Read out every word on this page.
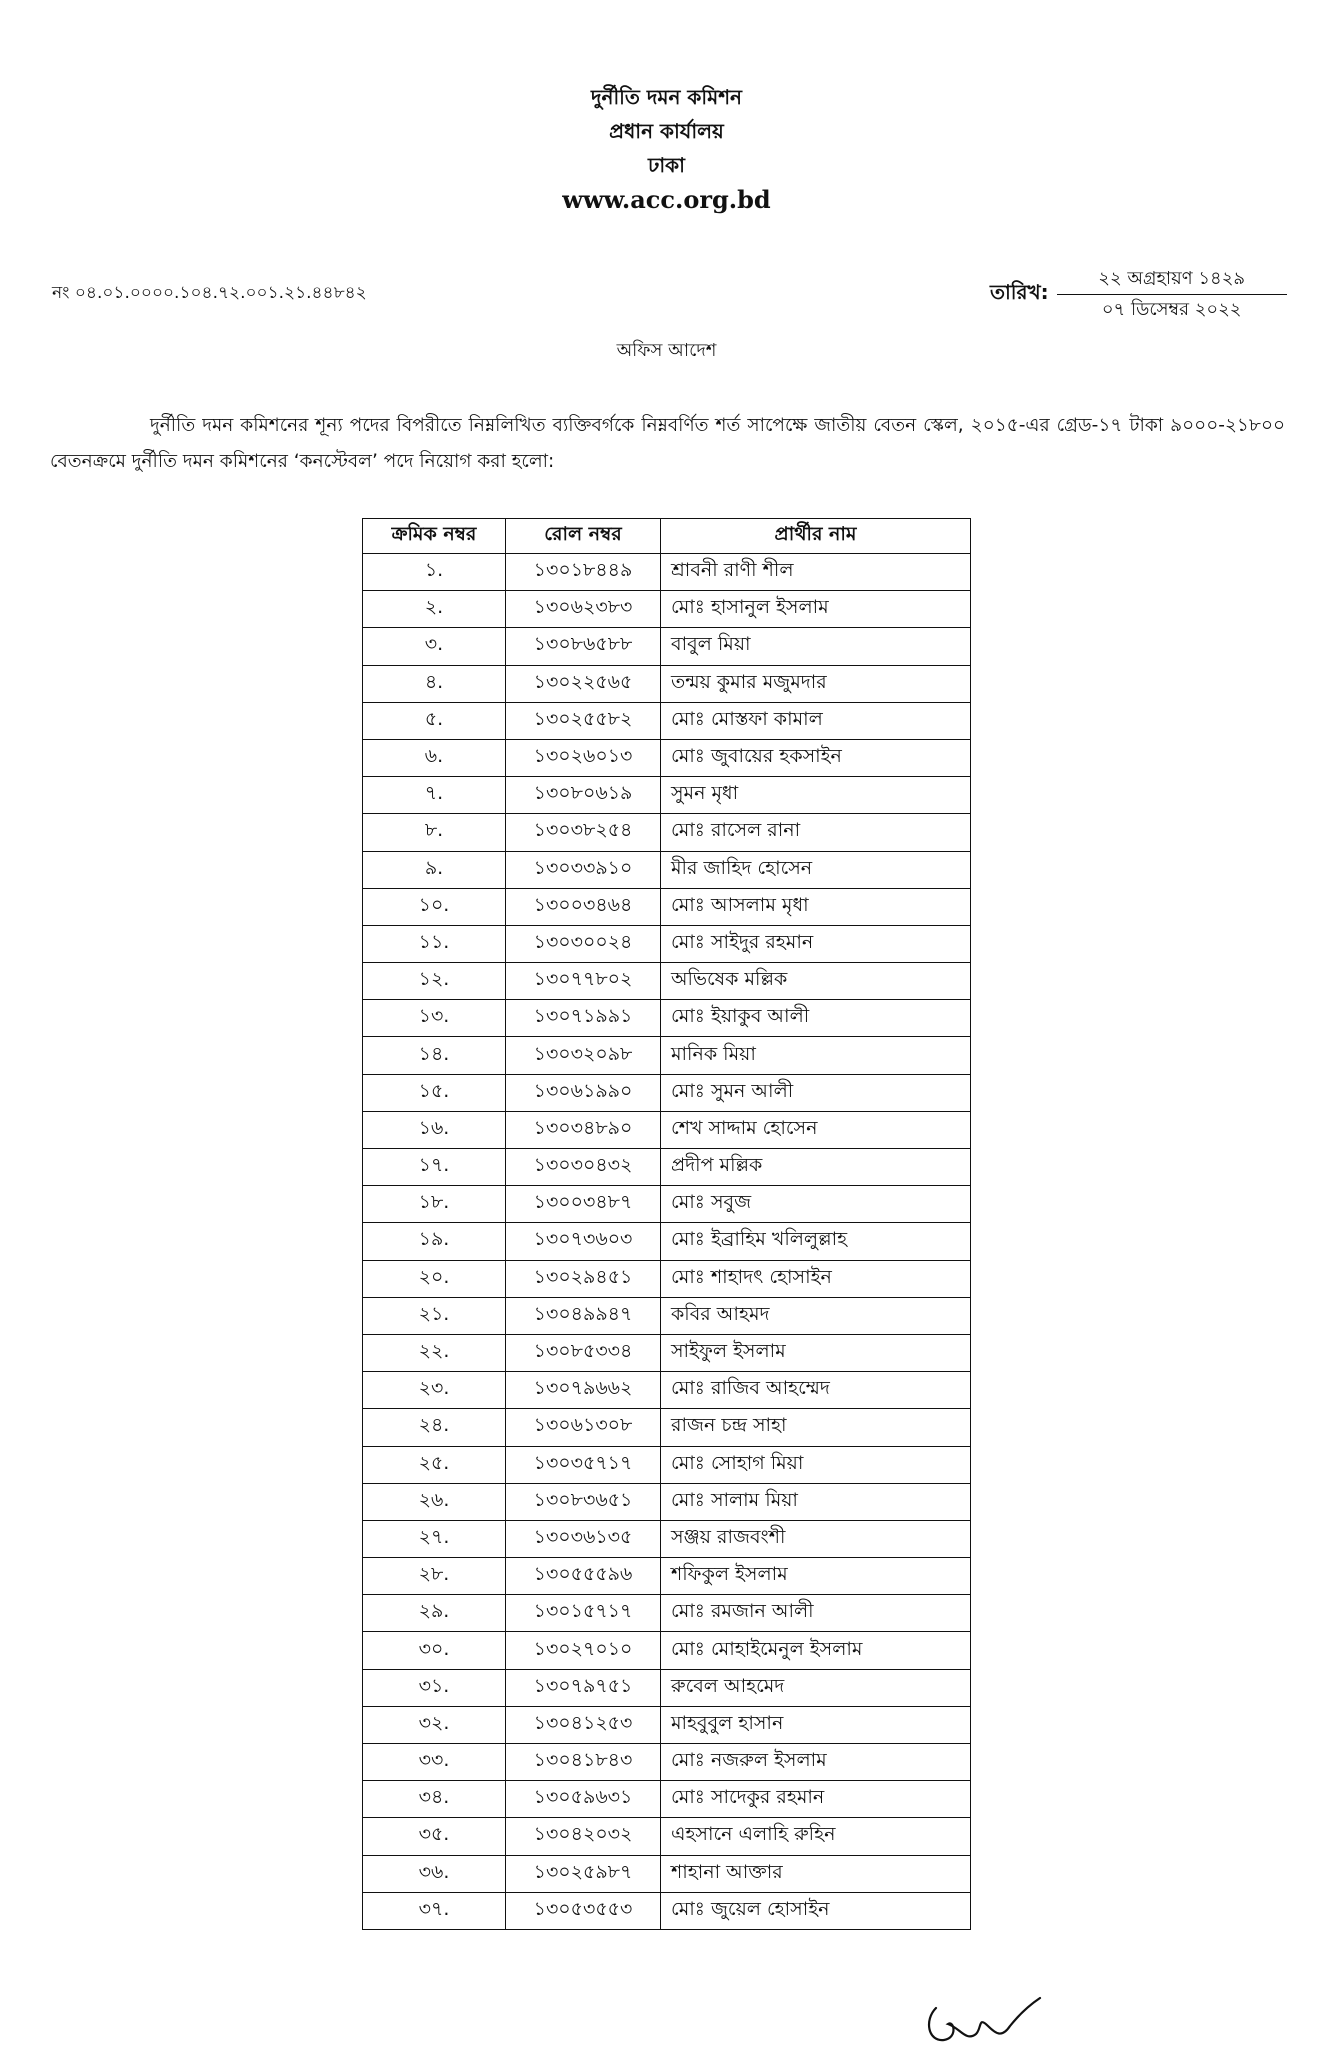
দুর্নীতি দমন কমিশন
প্রধান কার্যালয়
ঢাকা
www.acc.org.bd
নং ০৪.০১.০০০০.১০৪.৭২.০০১.২১.৪৪৮৪২	তারিখ:
২২ অগ্রহায়ণ ১৪২৯
০৭ ডিসেম্বর ২০২২
অফিস আদেশ
দুর্নীতি দমন কমিশনের শূন্য পদের বিপরীতে নিম্নলিখিত ব্যক্তিবর্গকে নিম্নবর্ণিত শর্ত সাপেক্ষে জাতীয় বেতন স্কেল, ২০১৫-এর গ্রেড-১৭ টাকা ৯০০০-২১৮০০ বেতনক্রমে দুর্নীতি দমন কমিশনের ‘কনস্টেবল’ পদে নিয়োগ করা হলো:
ক্রমিক নম্বর	রোল নম্বর	প্রার্থীর নাম
১.	১৩০১৮৪৪৯	শ্রাবনী রাণী শীল
২.	১৩০৬২৩৮৩	মোঃ হাসানুল ইসলাম
৩.	১৩০৮৬৫৮৮	বাবুল মিয়া
৪.	১৩০২২৫৬৫	তন্ময় কুমার মজুমদার
৫.	১৩০২৫৫৮২	মোঃ মোস্তফা কামাল
৬.	১৩০২৬০১৩	মোঃ জুবায়ের হকসাইন
৭.	১৩০৮০৬১৯	সুমন মৃধা
৮.	১৩০৩৮২৫৪	মোঃ রাসেল রানা
৯.	১৩০৩৩৯১০	মীর জাহিদ হোসেন
১০.	১৩০০৩৪৬৪	মোঃ আসলাম মৃধা
১১.	১৩০৩০০২৪	মোঃ সাইদুর রহমান
১২.	১৩০৭৭৮০২	অভিষেক মল্লিক
১৩.	১৩০৭১৯৯১	মোঃ ইয়াকুব আলী
১৪.	১৩০৩২০৯৮	মানিক মিয়া
১৫.	১৩০৬১৯৯০	মোঃ সুমন আলী
১৬.	১৩০৩৪৮৯০	শেখ সাদ্দাম হোসেন
১৭.	১৩০৩০৪৩২	প্রদীপ মল্লিক
১৮.	১৩০০৩৪৮৭	মোঃ সবুজ
১৯.	১৩০৭৩৬০৩	মোঃ ইব্রাহিম খলিলুল্লাহ
২০.	১৩০২৯৪৫১	মোঃ শাহাদৎ হোসাইন
২১.	১৩০৪৯৯৪৭	কবির আহমদ
২২.	১৩০৮৫৩৩৪	সাইফুল ইসলাম
২৩.	১৩০৭৯৬৬২	মোঃ রাজিব আহম্মেদ
২৪.	১৩০৬১৩০৮	রাজন চন্দ্র সাহা
২৫.	১৩০৩৫৭১৭	মোঃ সোহাগ মিয়া
২৬.	১৩০৮৩৬৫১	মোঃ সালাম মিয়া
২৭.	১৩০৩৬১৩৫	সঞ্জয় রাজবংশী
২৮.	১৩০৫৫৫৯৬	শফিকুল ইসলাম
২৯.	১৩০১৫৭১৭	মোঃ রমজান আলী
৩০.	১৩০২৭০১০	মোঃ মোহাইমেনুল ইসলাম
৩১.	১৩০৭৯৭৫১	রুবেল আহমেদ
৩২.	১৩০৪১২৫৩	মাহবুবুল হাসান
৩৩.	১৩০৪১৮৪৩	মোঃ নজরুল ইসলাম
৩৪.	১৩০৫৯৬৩১	মোঃ সাদেকুর রহমান
৩৫.	১৩০৪২০৩২	এহসানে এলাহি রুহিন
৩৬.	১৩০২৫৯৮৭	শাহানা আক্তার
৩৭.	১৩০৫৩৫৫৩	মোঃ জুয়েল হোসাইন
